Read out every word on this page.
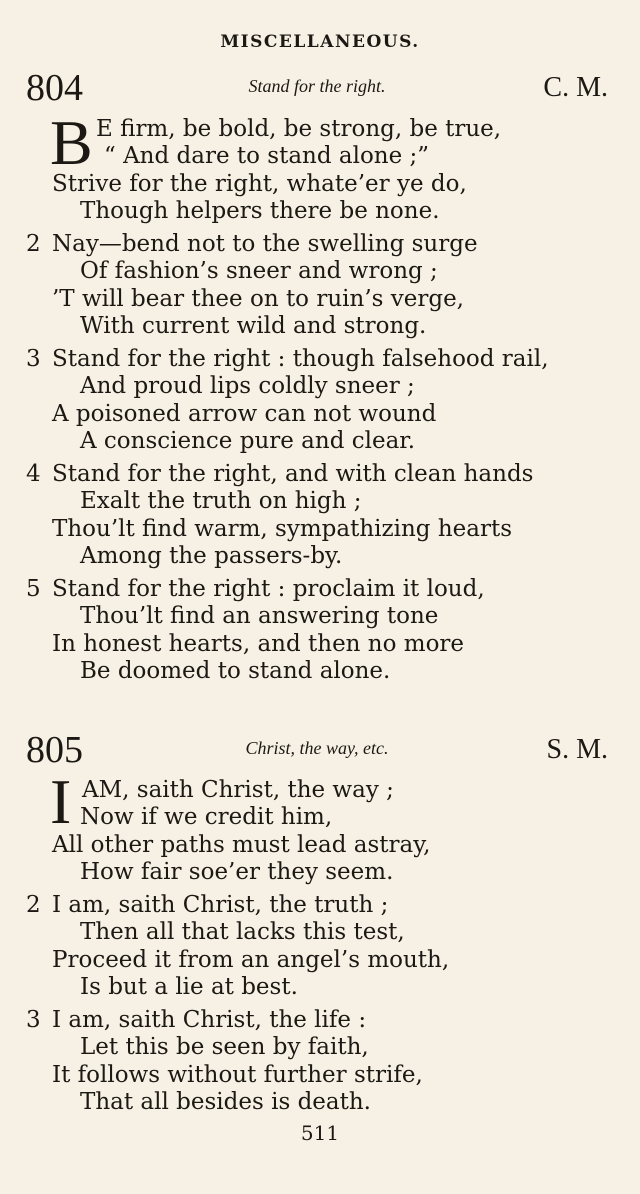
MISCELLANEOUS.
804	Stand for the right.	C. M.
B E firm, be bold, be strong, be true,
“ And dare to stand alone ;”
Strive for the right, whate’er ye do,
Though helpers there be none.
2 Nay—bend not to the swelling surge
Of fashion’s sneer and wrong ;
’T will bear thee on to ruin’s verge,
With current wild and strong.
3 Stand for the right : though falsehood rail,
And proud lips coldly sneer ;
A poisoned arrow can not wound
A conscience pure and clear.
4 Stand for the right, and with clean hands
Exalt the truth on high ;
Thou’lt find warm, sympathizing hearts
Among the passers-by.
5 Stand for the right : proclaim it loud,
Thou’lt find an answering tone
In honest hearts, and then no more
Be doomed to stand alone.
805	Christ, the way, etc.	S. M.
I AM, saith Christ, the way ;
Now if we credit him,
All other paths must lead astray,
How fair soe’er they seem.
2 I am, saith Christ, the truth ;
Then all that lacks this test,
Proceed it from an angel’s mouth,
Is but a lie at best.
3 I am, saith Christ, the life :
Let this be seen by faith,
It follows without further strife,
That all besides is death.
511
